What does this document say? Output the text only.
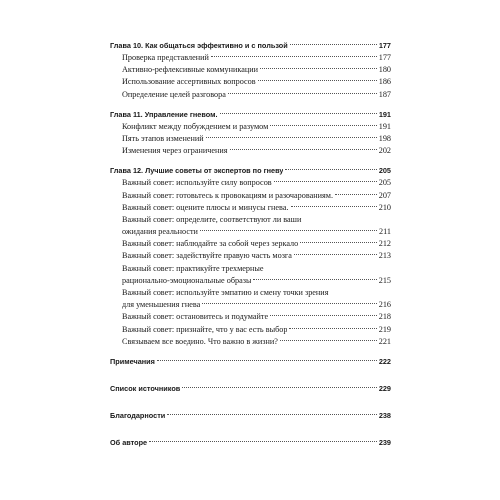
Глава 10. Как общаться эффективно и с пользой	177
Проверка представлений	177
Активно-рефлексивные коммуникации	180
Использование ассертивных вопросов	186
Определение целей разговора	187
Глава 11. Управление гневом.	191
Конфликт между побуждением и разумом	191
Пять этапов изменений	198
Изменения через ограничения	202
Глава 12. Лучшие советы от экспертов по гневу	205
Важный совет: используйте силу вопросов	205
Важный совет: готовьтесь к провокациям и разочарованиям.	207
Важный совет: оцените плюсы и минусы гнева.	210
Важный совет: определите, соответствуют ли ваши
ожидания реальности	211
Важный совет: наблюдайте за собой через зеркало	212
Важный совет: задействуйте правую часть мозга	213
Важный совет: практикуйте трехмерные
рационально-эмоциональные образы	215
Важный совет: используйте эмпатию и смену точки зрения
для уменьшения гнева	216
Важный совет: остановитесь и подумайте	218
Важный совет: признайте, что у вас есть выбор	219
Связываем все воедино. Что важно в жизни?	221
Примечания	222
Список источников	229
Благодарности	238
Об авторе	239
